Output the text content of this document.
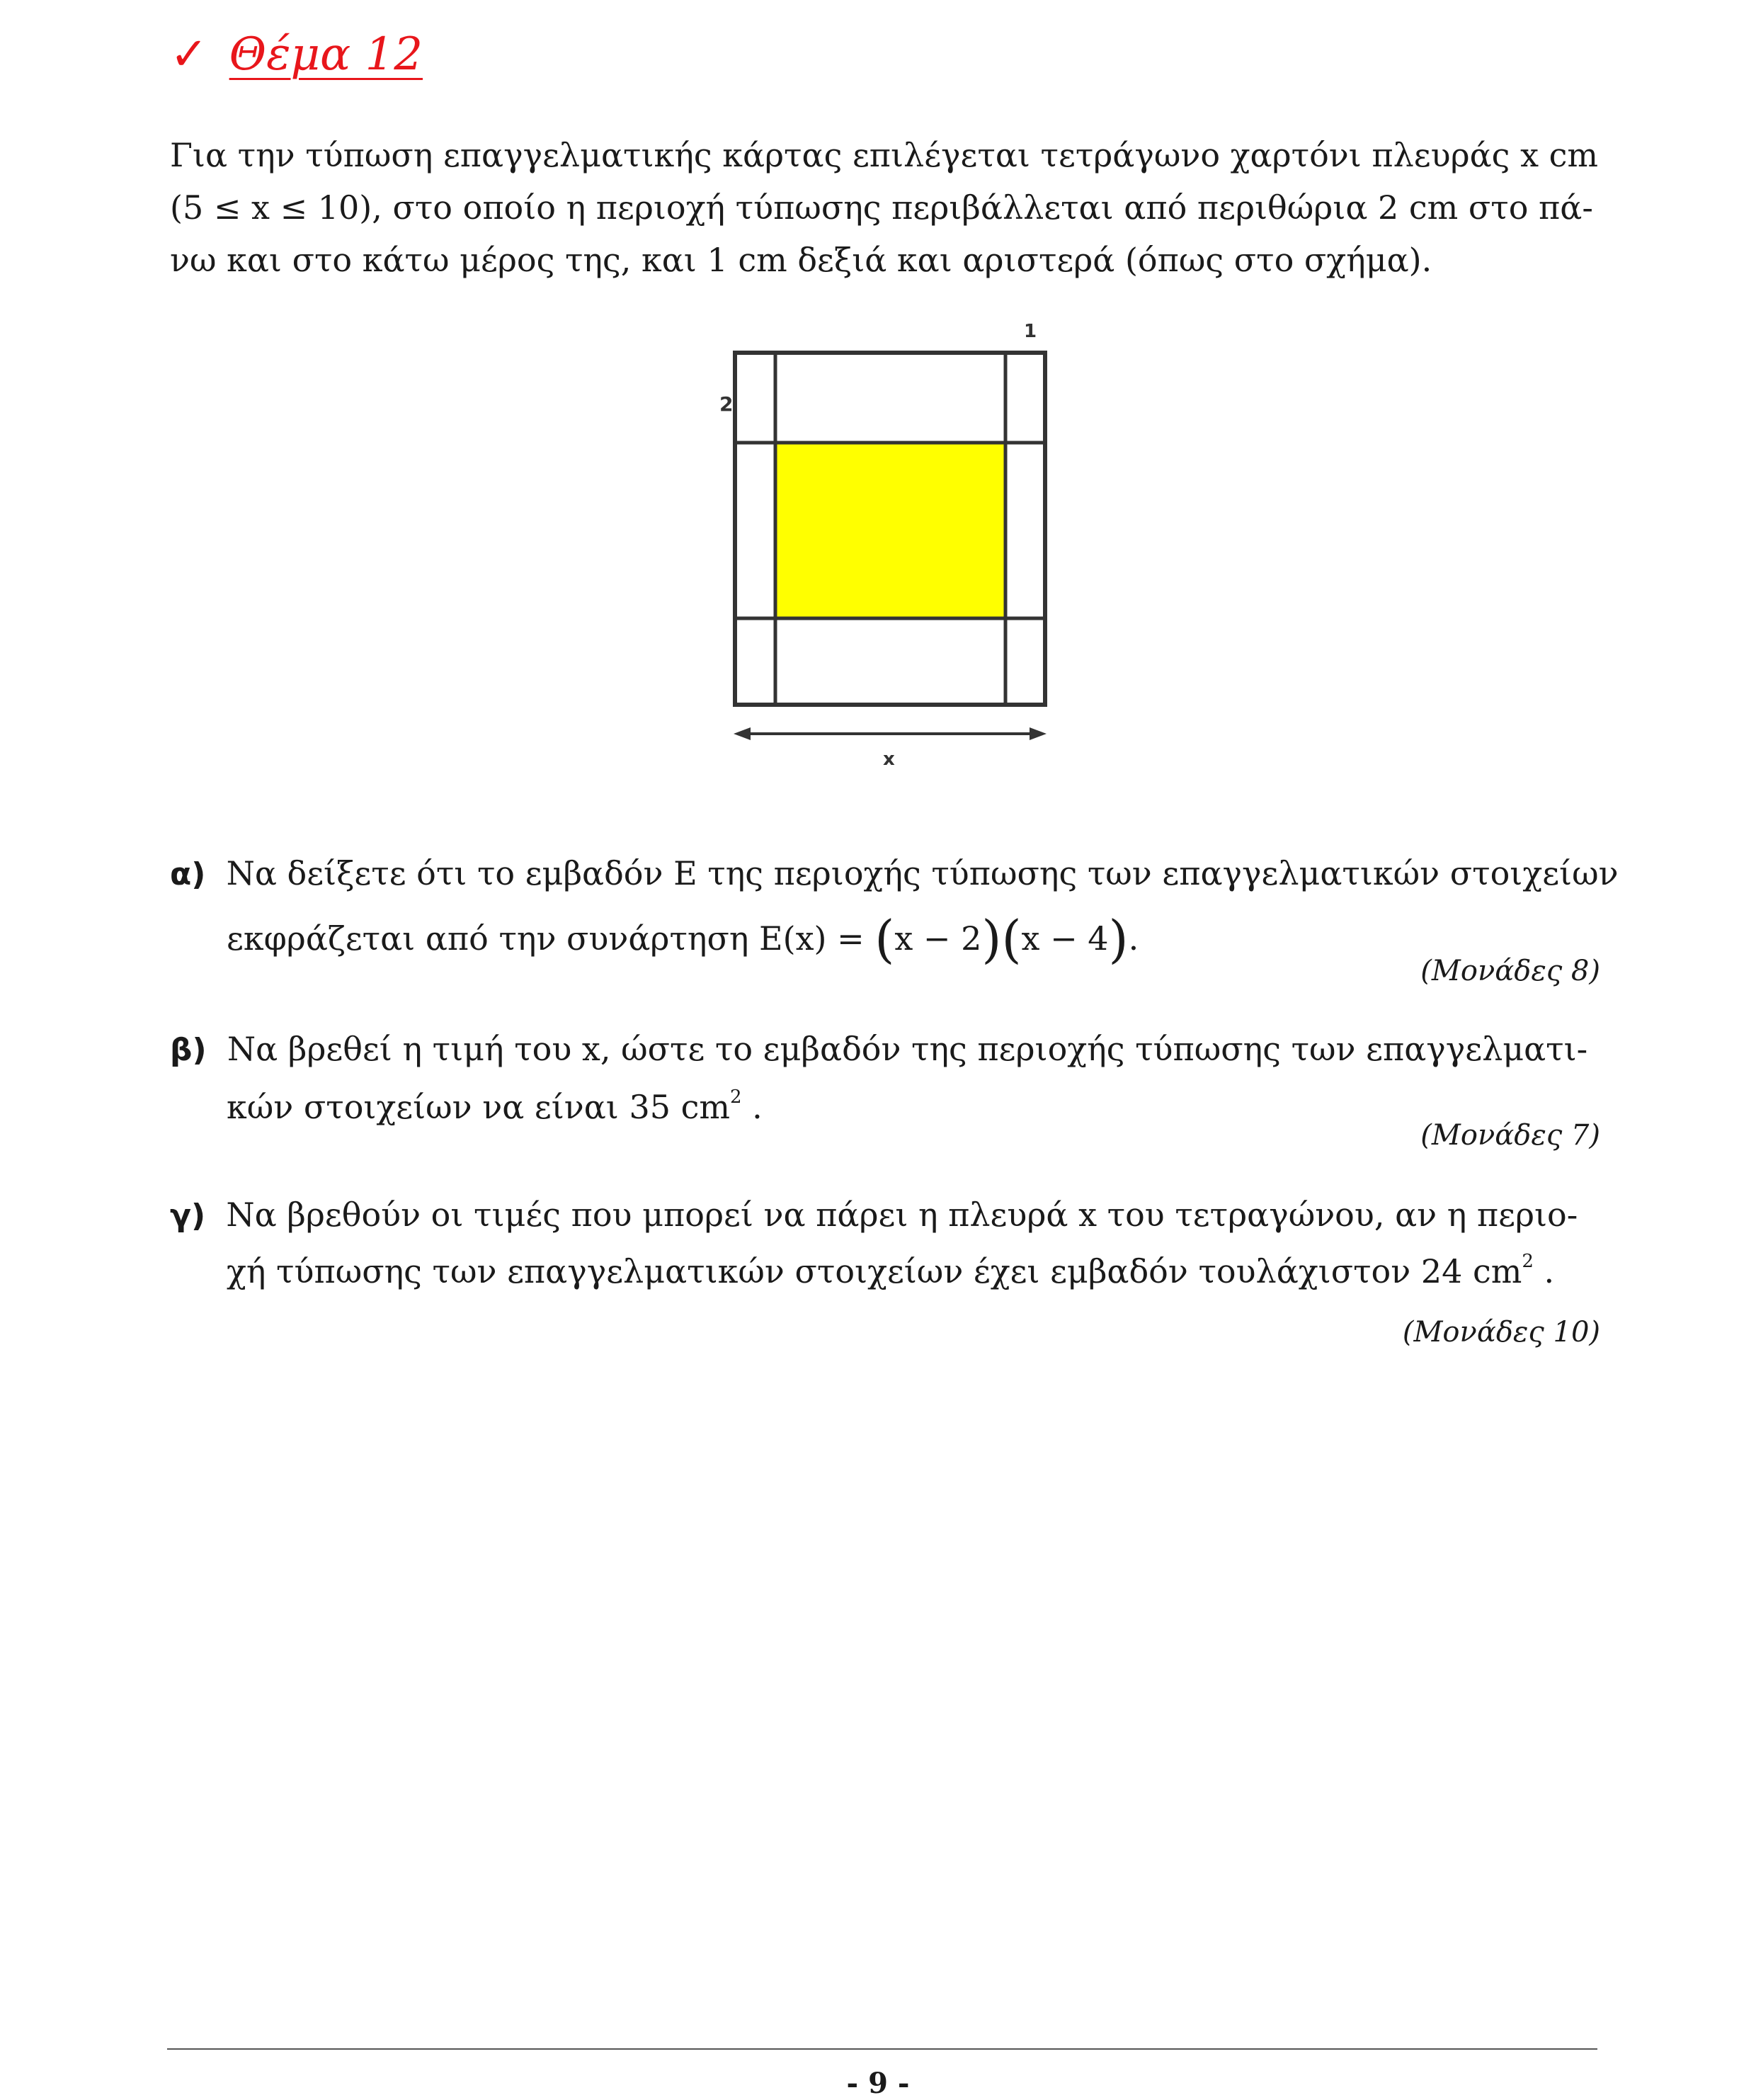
✓ Θέμα 12
Για την τύπωση επαγγελματικής κάρτας επιλέγεται τετράγωνο χαρτόνι πλευράς x cm
(5 ≤ x ≤ 10), στο οποίο η περιοχή τύπωσης περιβάλλεται από περιθώρια 2 cm στο πά-
νω και στο κάτω μέρος της, και 1 cm δεξιά και αριστερά (όπως στο σχήμα).
2
1
x
α) Να δείξετε ότι το εμβαδόν Ε της περιοχής τύπωσης των επαγγελματικών στοιχείων
εκφράζεται από την συνάρτηση Ε(x) = (x − 2)(x − 4).
(Μονάδες 8)
β) Να βρεθεί η τιμή του x, ώστε το εμβαδόν της περιοχής τύπωσης των επαγγελματι-
κών στοιχείων να είναι 35 $cm^2$ .
(Μονάδες 7)
γ) Να βρεθούν οι τιμές που μπορεί να πάρει η πλευρά x του τετραγώνου, αν η περιο-
χή τύπωσης των επαγγελματικών στοιχείων έχει εμβαδόν τουλάχιστον 24 $cm^2$ .
(Μονάδες 10)
- 9 -
